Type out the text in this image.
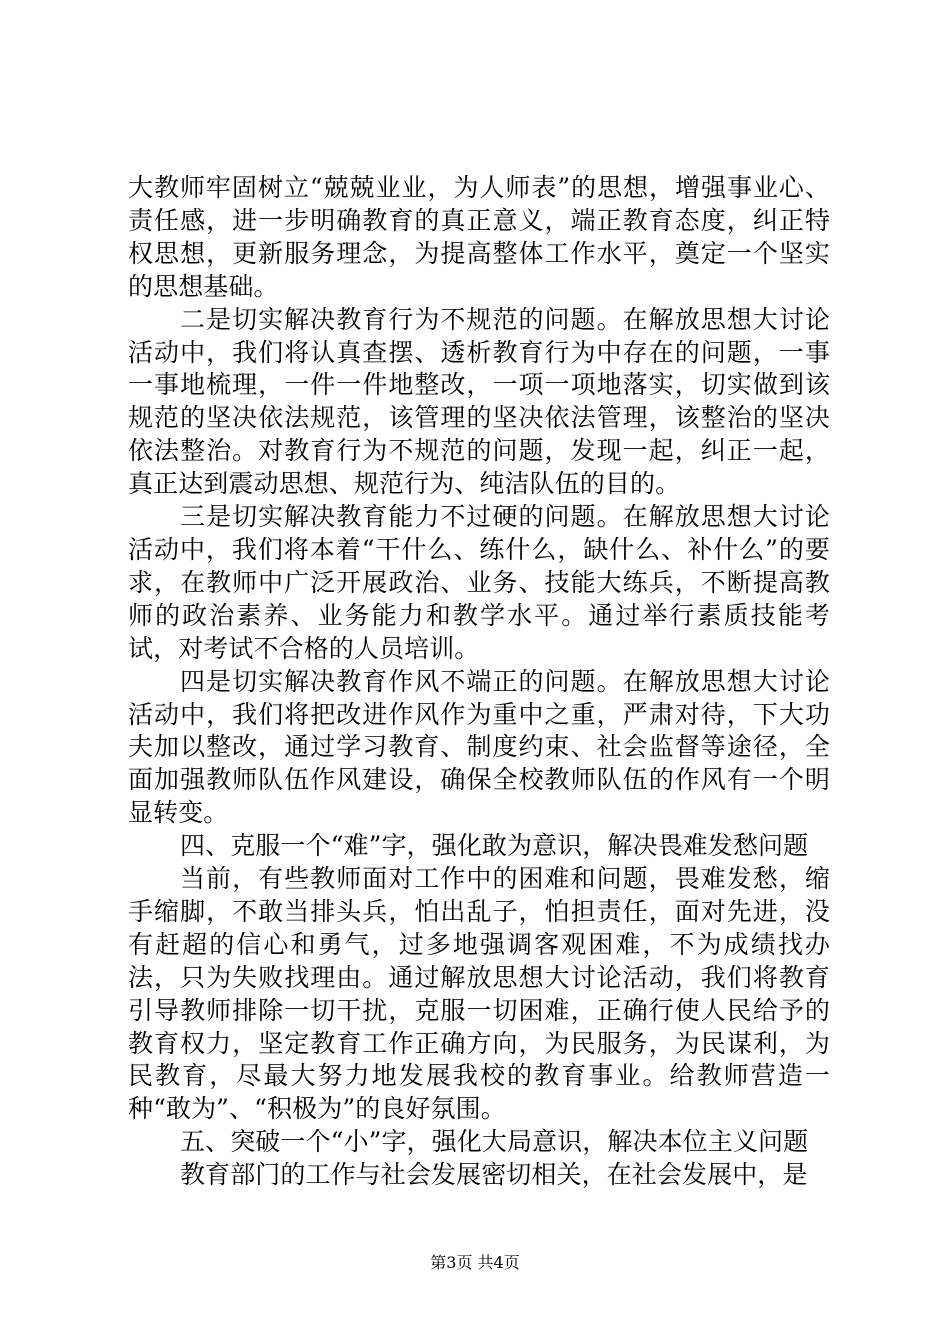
大教师牢固树立“兢兢业业，为人师表”的思想，增强事业心、责任感，进一步明确教育的真正意义，端正教育态度，纠正特权思想，更新服务理念，为提高整体工作水平，奠定一个坚实的思想基础。

二是切实解决教育行为不规范的问题。在解放思想大讨论活动中，我们将认真查摆、透析教育行为中存在的问题，一事一事地梳理，一件一件地整改，一项一项地落实，切实做到该规范的坚决依法规范，该管理的坚决依法管理，该整治的坚决依法整治。对教育行为不规范的问题，发现一起，纠正一起，真正达到震动思想、规范行为、纯洁队伍的目的。

三是切实解决教育能力不过硬的问题。在解放思想大讨论活动中，我们将本着“干什么、练什么，缺什么、补什么”的要求，在教师中广泛开展政治、业务、技能大练兵，不断提高教师的政治素养、业务能力和教学水平。通过举行素质技能考试，对考试不合格的人员培训。

四是切实解决教育作风不端正的问题。在解放思想大讨论活动中，我们将把改进作风作为重中之重，严肃对待，下大功夫加以整改，通过学习教育、制度约束、社会监督等途径，全面加强教师队伍作风建设，确保全校教师队伍的作风有一个明显转变。

四、克服一个“难”字，强化敢为意识，解决畏难发愁问题

当前，有些教师面对工作中的困难和问题，畏难发愁，缩手缩脚，不敢当排头兵，怕出乱子，怕担责任，面对先进，没有赶超的信心和勇气，过多地强调客观困难，不为成绩找办法，只为失败找理由。通过解放思想大讨论活动，我们将教育引导教师排除一切干扰，克服一切困难，正确行使人民给予的教育权力，坚定教育工作正确方向，为民服务，为民谋利，为民教育，尽最大努力地发展我校的教育事业。给教师营造一种“敢为”、“积极为”的良好氛围。

五、突破一个“小”字，强化大局意识，解决本位主义问题

教育部门的工作与社会发展密切相关，在社会发展中，是

第3页 共4页
